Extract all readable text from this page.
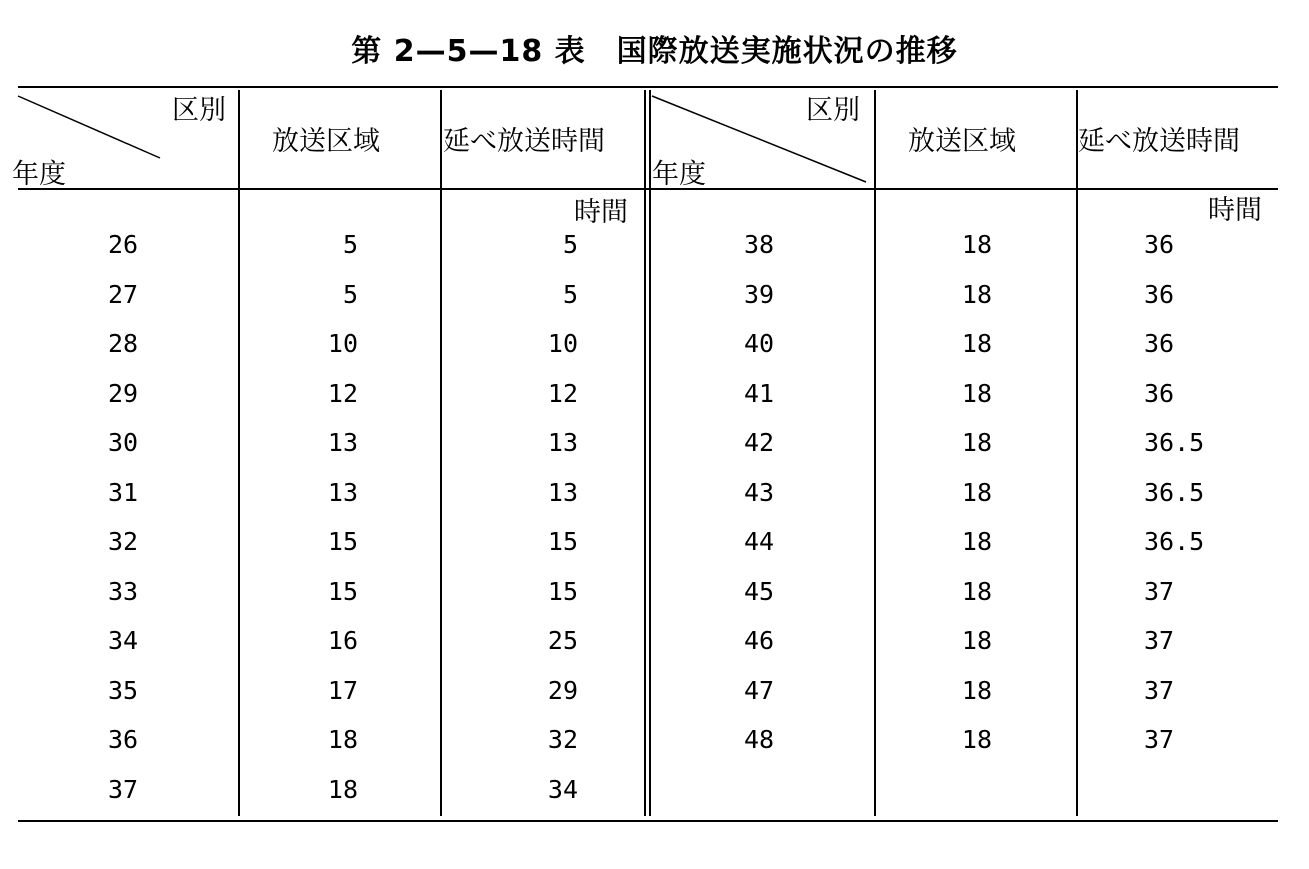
第 2—5—18 表　国際放送実施状況の推移
区別
年度
放送区域 延べ放送時間
時間
区別
年度
放送区域 延べ放送時間
時間
26	5	5
27	5	5
28	10	10
29	12	12
30	13	13
31	13	13
32	15	15
33	15	15
34	16	25
35	17	29
36	18	32
37	18	34
38	18	36
39	18	36
40	18	36
41	18	36
42	18	36.5
43	18	36.5
44	18	36.5
45	18	37
46	18	37
47	18	37
48	18	37
